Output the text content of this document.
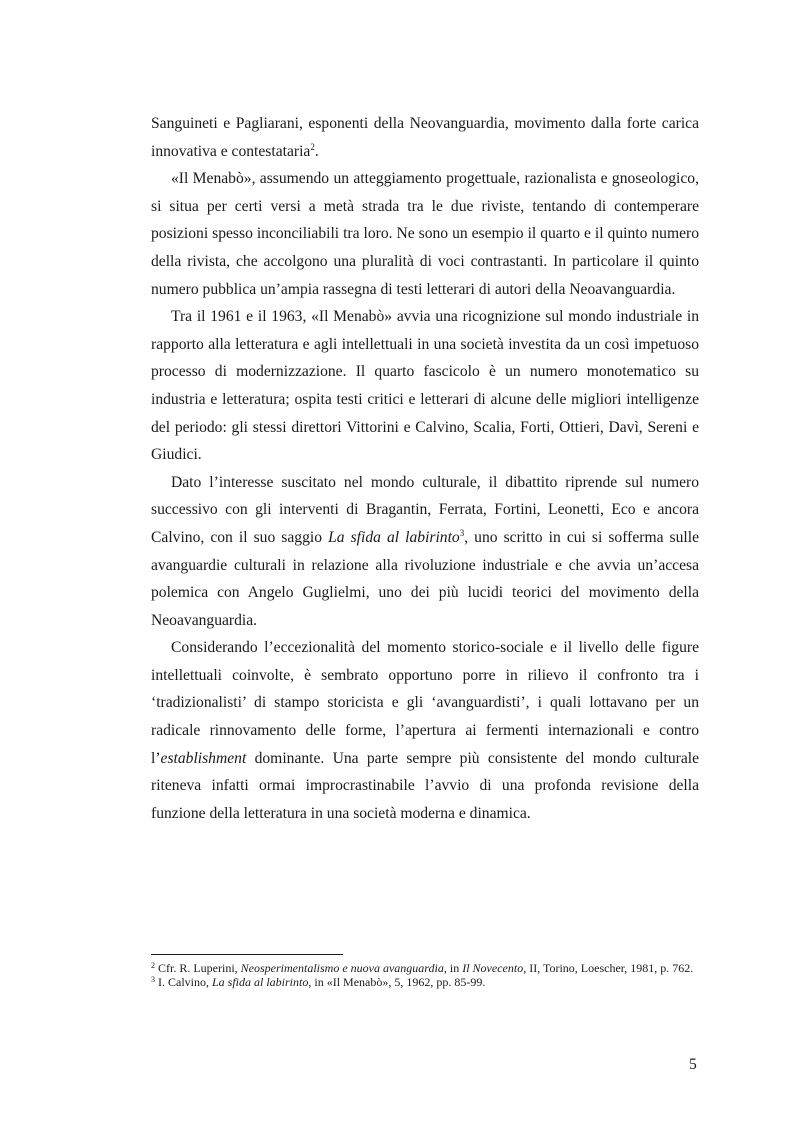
Sanguineti e Pagliarani, esponenti della Neovanguardia, movimento dalla forte carica innovativa e contestataria$^2$.

«Il Menabò», assumendo un atteggiamento progettuale, razionalista e gnoseologico, si situa per certi versi a metà strada tra le due riviste, tentando di contemperare posizioni spesso inconciliabili tra loro. Ne sono un esempio il quarto e il quinto numero della rivista, che accolgono una pluralità di voci contrastanti. In particolare il quinto numero pubblica un’ampia rassegna di testi letterari di autori della Neoavanguardia.

Tra il 1961 e il 1963, «Il Menabò» avvia una ricognizione sul mondo industriale in rapporto alla letteratura e agli intellettuali in una società investita da un così impetuoso processo di modernizzazione. Il quarto fascicolo è un numero monotematico su industria e letteratura; ospita testi critici e letterari di alcune delle migliori intelligenze del periodo: gli stessi direttori Vittorini e Calvino, Scalia, Forti, Ottieri, Davì, Sereni e Giudici.

Dato l’interesse suscitato nel mondo culturale, il dibattito riprende sul numero successivo con gli interventi di Bragantin, Ferrata, Fortini, Leonetti, Eco e ancora Calvino, con il suo saggio La sfida al labirinto$^3$, uno scritto in cui si sofferma sulle avanguardie culturali in relazione alla rivoluzione industriale e che avvia un’accesa polemica con Angelo Guglielmi, uno dei più lucidi teorici del movimento della Neoavanguardia.

Considerando l’eccezionalità del momento storico-sociale e il livello delle figure intellettuali coinvolte, è sembrato opportuno porre in rilievo il confronto tra i ‘tradizionalisti’ di stampo storicista e gli ‘avanguardisti’, i quali lottavano per un radicale rinnovamento delle forme, l’apertura ai fermenti internazionali e contro l’establishment dominante. Una parte sempre più consistente del mondo culturale riteneva infatti ormai improcrastinabile l’avvio di una profonda revisione della funzione della letteratura in una società moderna e dinamica.

$^2$ Cfr. R. Luperini, Neosperimentalismo e nuova avanguardia, in Il Novecento, II, Torino, Loescher, 1981, p. 762.

$^3$ I. Calvino, La sfida al labirinto, in «Il Menabò», 5, 1962, pp. 85-99.

5
